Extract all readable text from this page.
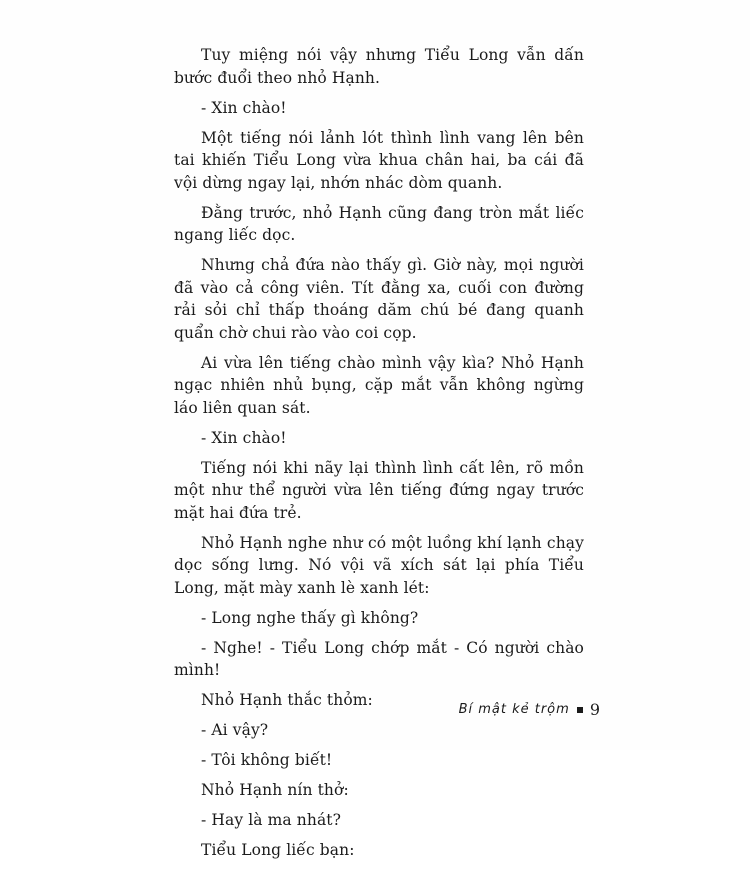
Tuy miệng nói vậy nhưng Tiểu Long vẫn dấn bước đuổi theo nhỏ Hạnh.

- Xin chào!

Một tiếng nói lảnh lót thình lình vang lên bên tai khiến Tiểu Long vừa khua chân hai, ba cái đã vội dừng ngay lại, nhớn nhác dòm quanh.

Đằng trước, nhỏ Hạnh cũng đang tròn mắt liếc ngang liếc dọc.

Nhưng chả đứa nào thấy gì. Giờ này, mọi người đã vào cả công viên. Tít đằng xa, cuối con đường rải sỏi chỉ thấp thoáng dăm chú bé đang quanh quẩn chờ chui rào vào coi cọp.

Ai vừa lên tiếng chào mình vậy kìa? Nhỏ Hạnh ngạc nhiên nhủ bụng, cặp mắt vẫn không ngừng láo liên quan sát.

- Xin chào!

Tiếng nói khi nãy lại thình lình cất lên, rõ mồn một như thể người vừa lên tiếng đứng ngay trước mặt hai đứa trẻ.

Nhỏ Hạnh nghe như có một luồng khí lạnh chạy dọc sống lưng. Nó vội vã xích sát lại phía Tiểu Long, mặt mày xanh lè xanh lét:

- Long nghe thấy gì không?

- Nghe! - Tiểu Long chớp mắt - Có người chào mình!

Nhỏ Hạnh thắc thỏm:

- Ai vậy?

- Tôi không biết!

Nhỏ Hạnh nín thở:

- Hay là ma nhát?

Tiểu Long liếc bạn:

Bí mật kẻ trộm 9
